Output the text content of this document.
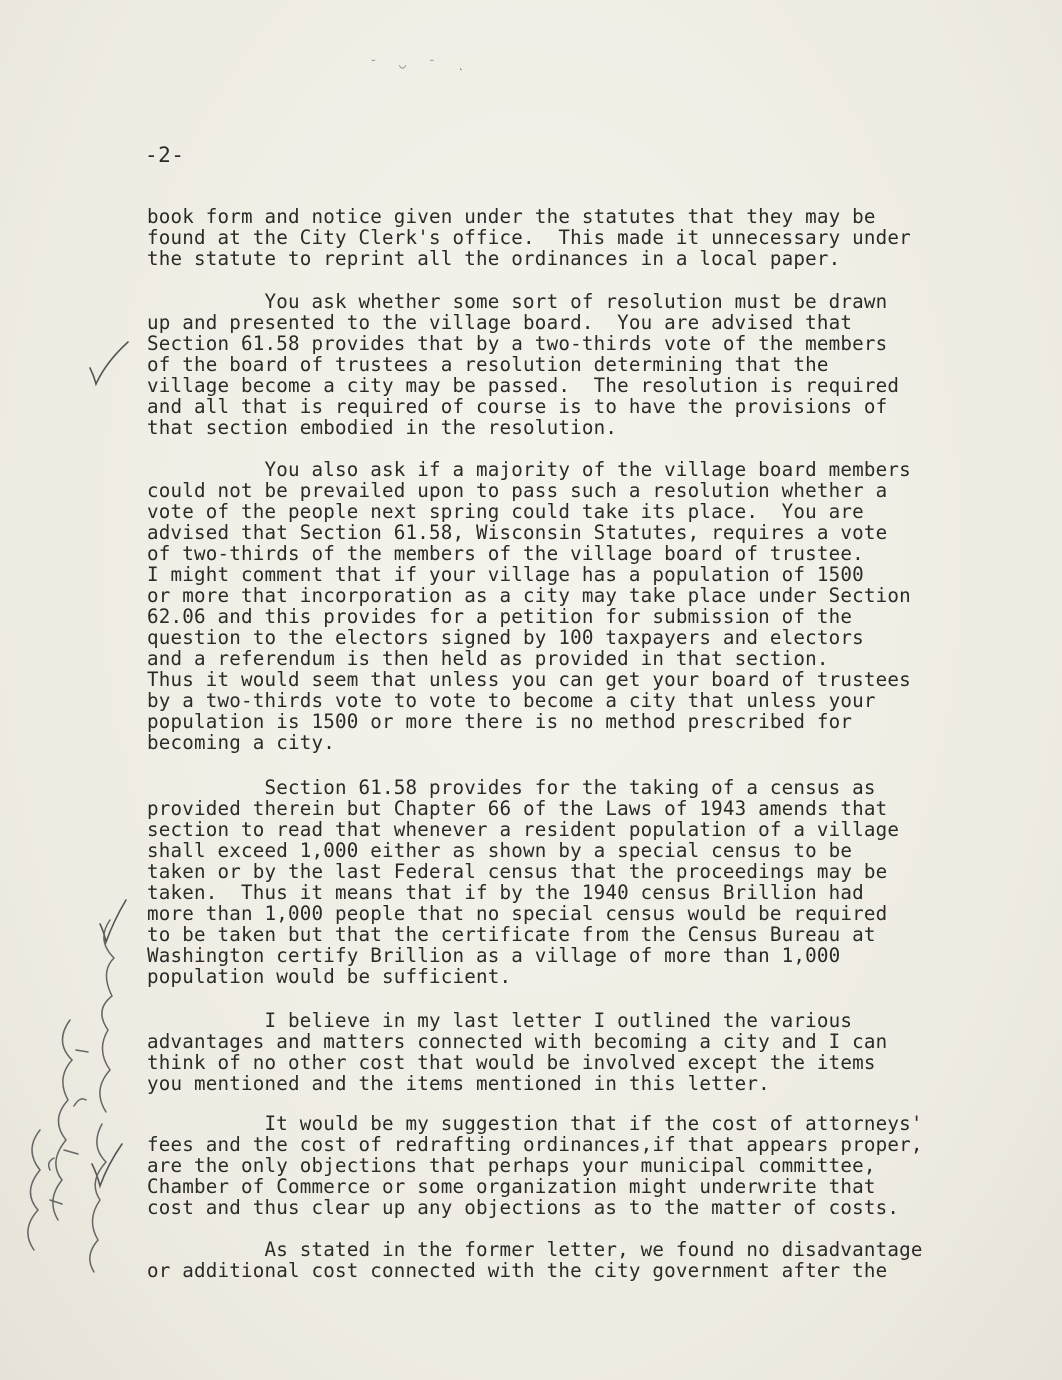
˘ ◡ ˘ ˛
-2-
book form and notice given under the statutes that they may be
found at the City Clerk's office.  This made it unnecessary under
the statute to reprint all the ordinances in a local paper.
You ask whether some sort of resolution must be drawn
up and presented to the village board.  You are advised that
Section 61.58 provides that by a two-thirds vote of the members
of the board of trustees a resolution determining that the
village become a city may be passed.  The resolution is required
and all that is required of course is to have the provisions of
that section embodied in the resolution.
You also ask if a majority of the village board members
could not be prevailed upon to pass such a resolution whether a
vote of the people next spring could take its place.  You are
advised that Section 61.58, Wisconsin Statutes, requires a vote
of two-thirds of the members of the village board of trustee.
I might comment that if your village has a population of 1500
or more that incorporation as a city may take place under Section
62.06 and this provides for a petition for submission of the
question to the electors signed by 100 taxpayers and electors
and a referendum is then held as provided in that section.
Thus it would seem that unless you can get your board of trustees
by a two-thirds vote to vote to become a city that unless your
population is 1500 or more there is no method prescribed for
becoming a city.
Section 61.58 provides for the taking of a census as
provided therein but Chapter 66 of the Laws of 1943 amends that
section to read that whenever a resident population of a village
shall exceed 1,000 either as shown by a special census to be
taken or by the last Federal census that the proceedings may be
taken.  Thus it means that if by the 1940 census Brillion had
more than 1,000 people that no special census would be required
to be taken but that the certificate from the Census Bureau at
Washington certify Brillion as a village of more than 1,000
population would be sufficient.
I believe in my last letter I outlined the various
advantages and matters connected with becoming a city and I can
think of no other cost that would be involved except the items
you mentioned and the items mentioned in this letter.
It would be my suggestion that if the cost of attorneys'
fees and the cost of redrafting ordinances,if that appears proper,
are the only objections that perhaps your municipal committee,
Chamber of Commerce or some organization might underwrite that
cost and thus clear up any objections as to the matter of costs.
As stated in the former letter, we found no disadvantage
or additional cost connected with the city government after the
